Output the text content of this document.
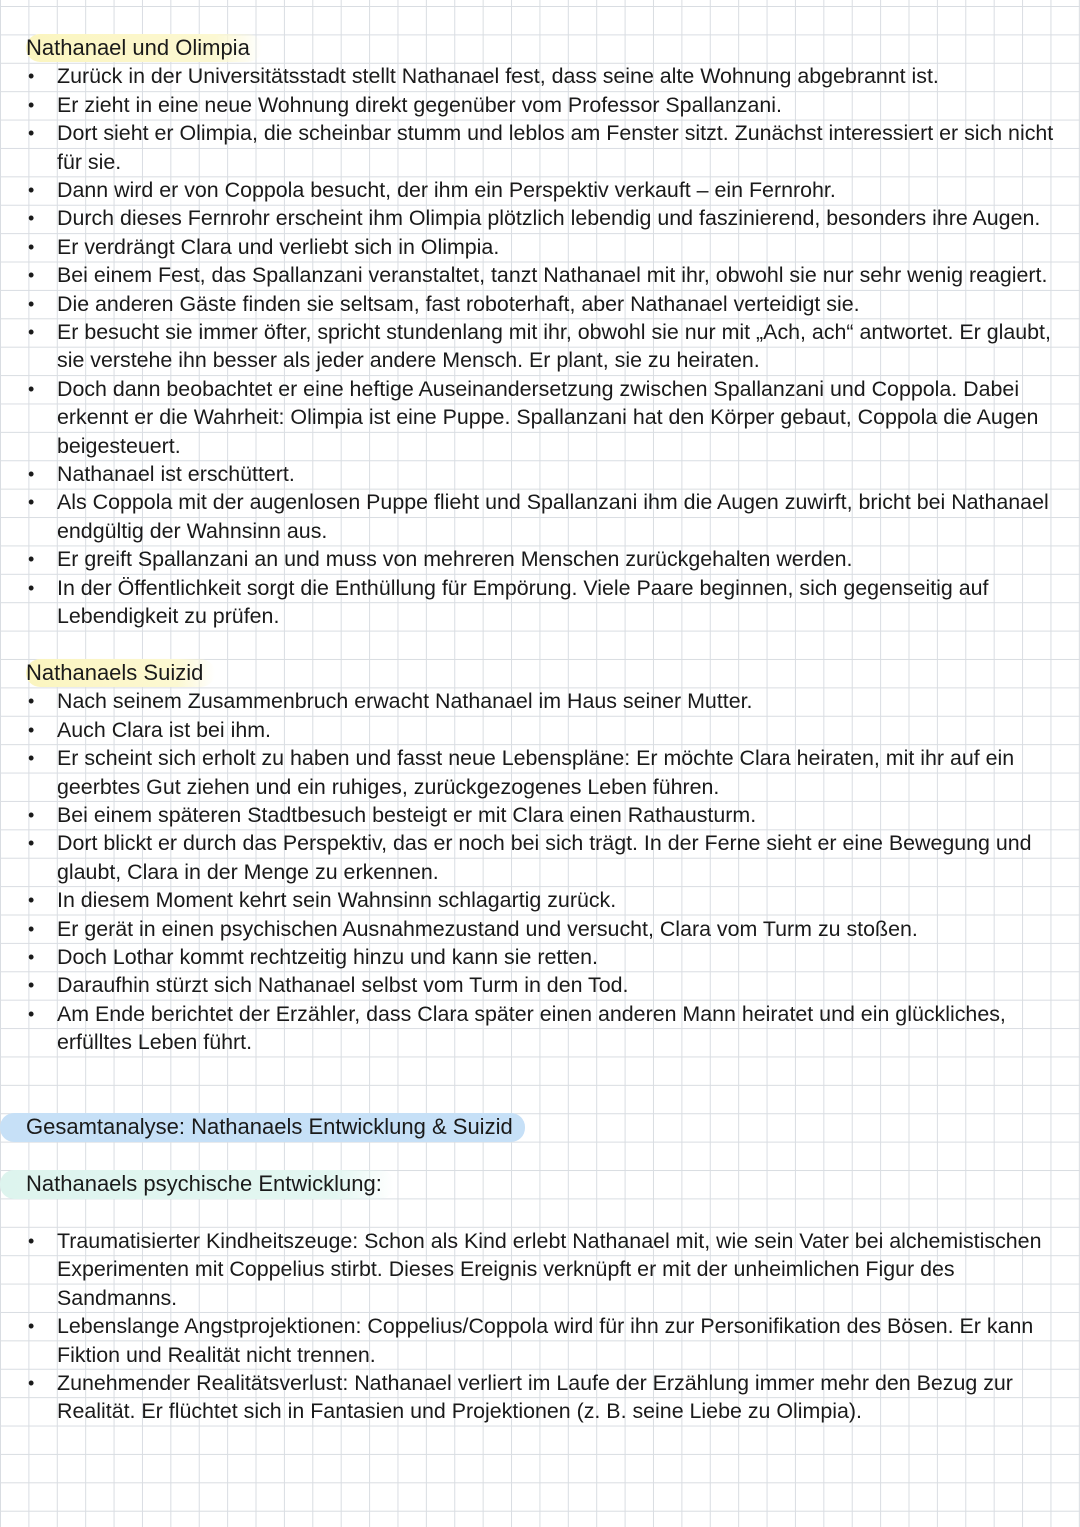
Nathanael und Olimpia
• Zurück in der Universitätsstadt stellt Nathanael fest, dass seine alte Wohnung abgebrannt ist.
• Er zieht in eine neue Wohnung direkt gegenüber vom Professor Spallanzani.
• Dort sieht er Olimpia, die scheinbar stumm und leblos am Fenster sitzt. Zunächst interessiert er sich nicht für sie.
• Dann wird er von Coppola besucht, der ihm ein Perspektiv verkauft – ein Fernrohr.
• Durch dieses Fernrohr erscheint ihm Olimpia plötzlich lebendig und faszinierend, besonders ihre Augen.
• Er verdrängt Clara und verliebt sich in Olimpia.
• Bei einem Fest, das Spallanzani veranstaltet, tanzt Nathanael mit ihr, obwohl sie nur sehr wenig reagiert.
• Die anderen Gäste finden sie seltsam, fast roboterhaft, aber Nathanael verteidigt sie.
• Er besucht sie immer öfter, spricht stundenlang mit ihr, obwohl sie nur mit „Ach, ach“ antwortet. Er glaubt, sie verstehe ihn besser als jeder andere Mensch. Er plant, sie zu heiraten.
• Doch dann beobachtet er eine heftige Auseinandersetzung zwischen Spallanzani und Coppola. Dabei erkennt er die Wahrheit: Olimpia ist eine Puppe. Spallanzani hat den Körper gebaut, Coppola die Augen beigesteuert.
• Nathanael ist erschüttert.
• Als Coppola mit der augenlosen Puppe flieht und Spallanzani ihm die Augen zuwirft, bricht bei Nathanael endgültig der Wahnsinn aus.
• Er greift Spallanzani an und muss von mehreren Menschen zurückgehalten werden.
• In der Öffentlichkeit sorgt die Enthüllung für Empörung. Viele Paare beginnen, sich gegenseitig auf Lebendigkeit zu prüfen.
Nathanaels Suizid
• Nach seinem Zusammenbruch erwacht Nathanael im Haus seiner Mutter.
• Auch Clara ist bei ihm.
• Er scheint sich erholt zu haben und fasst neue Lebenspläne: Er möchte Clara heiraten, mit ihr auf ein geerbtes Gut ziehen und ein ruhiges, zurückgezogenes Leben führen.
• Bei einem späteren Stadtbesuch besteigt er mit Clara einen Rathausturm.
• Dort blickt er durch das Perspektiv, das er noch bei sich trägt. In der Ferne sieht er eine Bewegung und glaubt, Clara in der Menge zu erkennen.
• In diesem Moment kehrt sein Wahnsinn schlagartig zurück.
• Er gerät in einen psychischen Ausnahmezustand und versucht, Clara vom Turm zu stoßen.
• Doch Lothar kommt rechtzeitig hinzu und kann sie retten.
• Daraufhin stürzt sich Nathanael selbst vom Turm in den Tod.
• Am Ende berichtet der Erzähler, dass Clara später einen anderen Mann heiratet und ein glückliches, erfülltes Leben führt.
Gesamtanalyse: Nathanaels Entwicklung & Suizid
Nathanaels psychische Entwicklung:
• Traumatisierter Kindheitszeuge: Schon als Kind erlebt Nathanael mit, wie sein Vater bei alchemistischen Experimenten mit Coppelius stirbt. Dieses Ereignis verknüpft er mit der unheimlichen Figur des Sandmanns.
• Lebenslange Angstprojektionen: Coppelius/Coppola wird für ihn zur Personifikation des Bösen. Er kann Fiktion und Realität nicht trennen.
• Zunehmender Realitätsverlust: Nathanael verliert im Laufe der Erzählung immer mehr den Bezug zur Realität. Er flüchtet sich in Fantasien und Projektionen (z. B. seine Liebe zu Olimpia).
